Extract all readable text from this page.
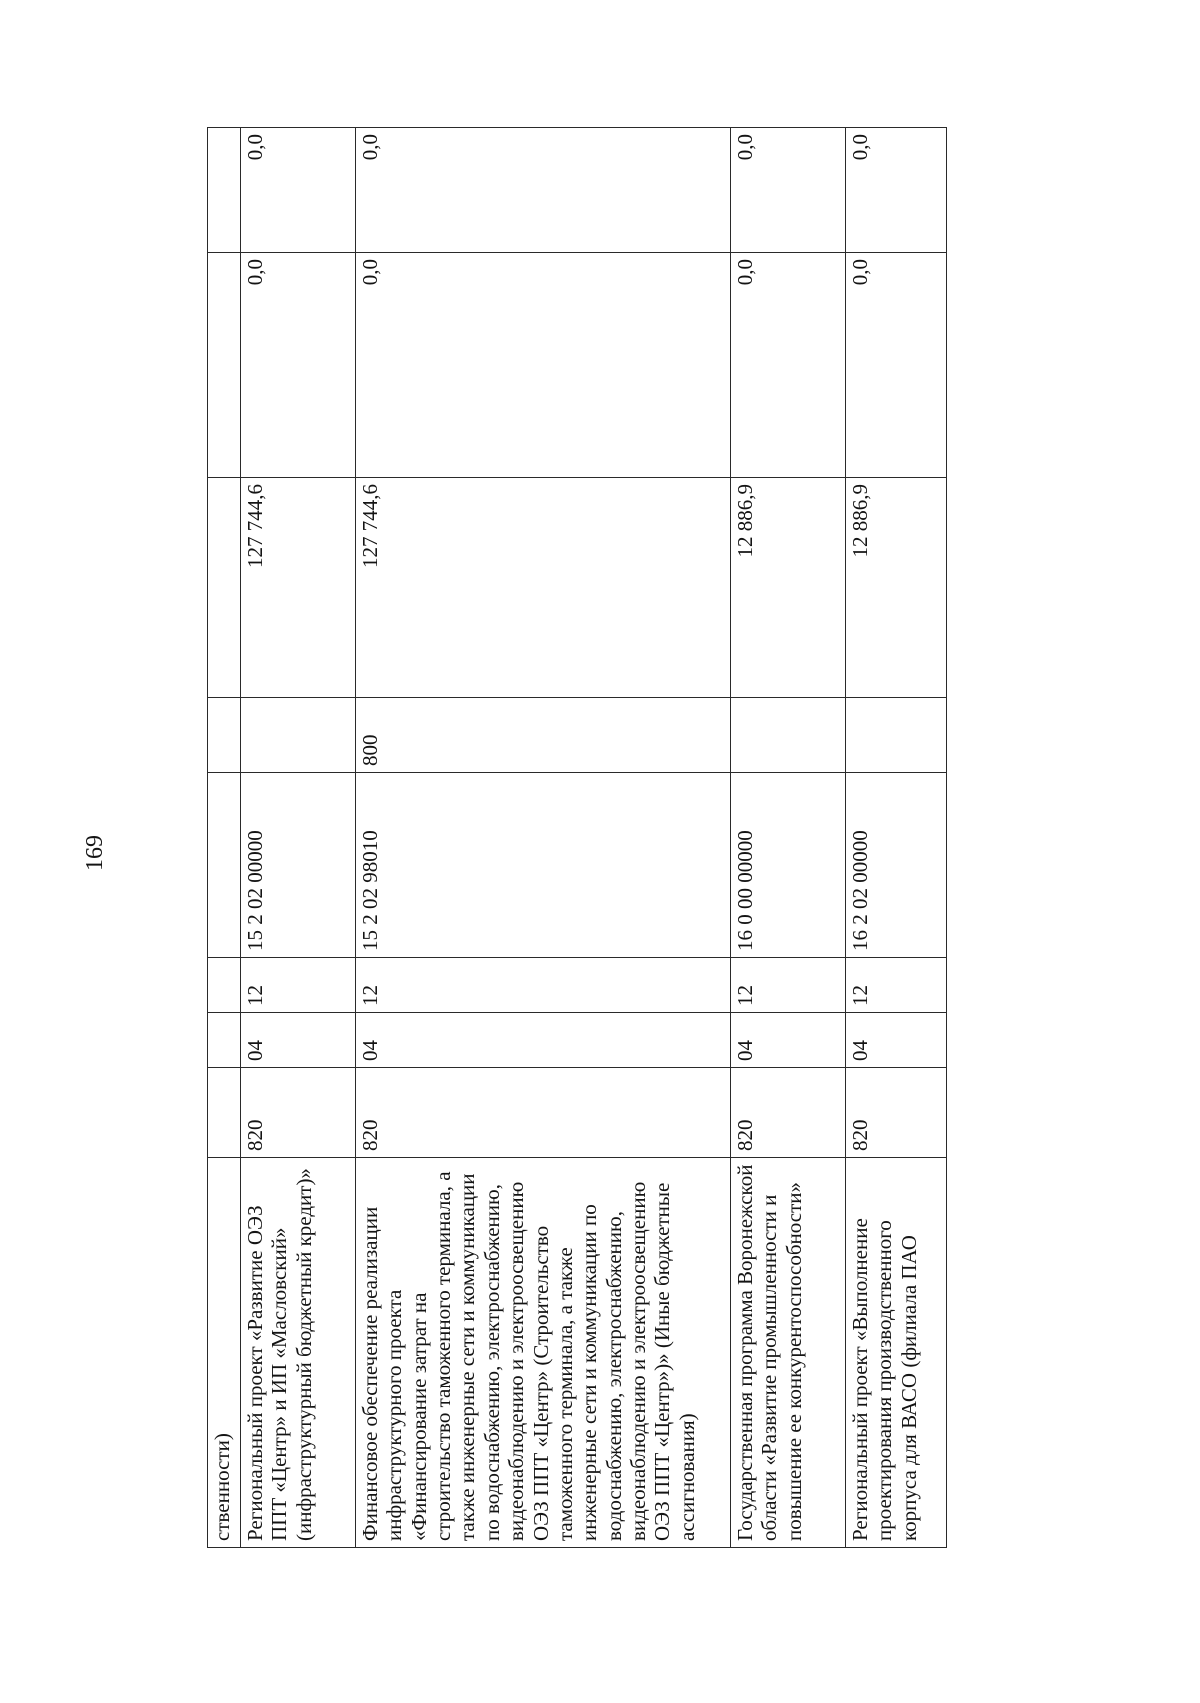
169
ственности)								
Региональный проект «Развитие ОЭЗ ППТ «Центр» и ИП «Масловский» (инфраструктурный бюджетный кредит)»	820	04	12	15 2 02 00000		127 744,6	0,0	0,0
Финансовое обеспечение реализации инфраструктурного проекта «Финансирование затрат на строительство таможенного терминала, а также инженерные сети и коммуникации по водоснабжению, электроснабжению, видеонаблюдению и электроосвещению ОЭЗ ППТ «Центр» (Строительство таможенного терминала, а также инженерные сети и коммуникации по водоснабжению, электроснабжению, видеонаблюдению и электроосвещению ОЭЗ ППТ «Центр»)» (Иные бюджетные ассигнования)	820	04	12	15 2 02 98010	800	127 744,6	0,0	0,0
Государственная программа Воронежской области «Развитие промышленности и повышение ее конкурентоспособности»	820	04	12	16 0 00 00000		12 886,9	0,0	0,0
Региональный проект «Выполнение проектирования производственного корпуса для ВАСО (филиала ПАО	820	04	12	16 2 02 00000		12 886,9	0,0	0,0
